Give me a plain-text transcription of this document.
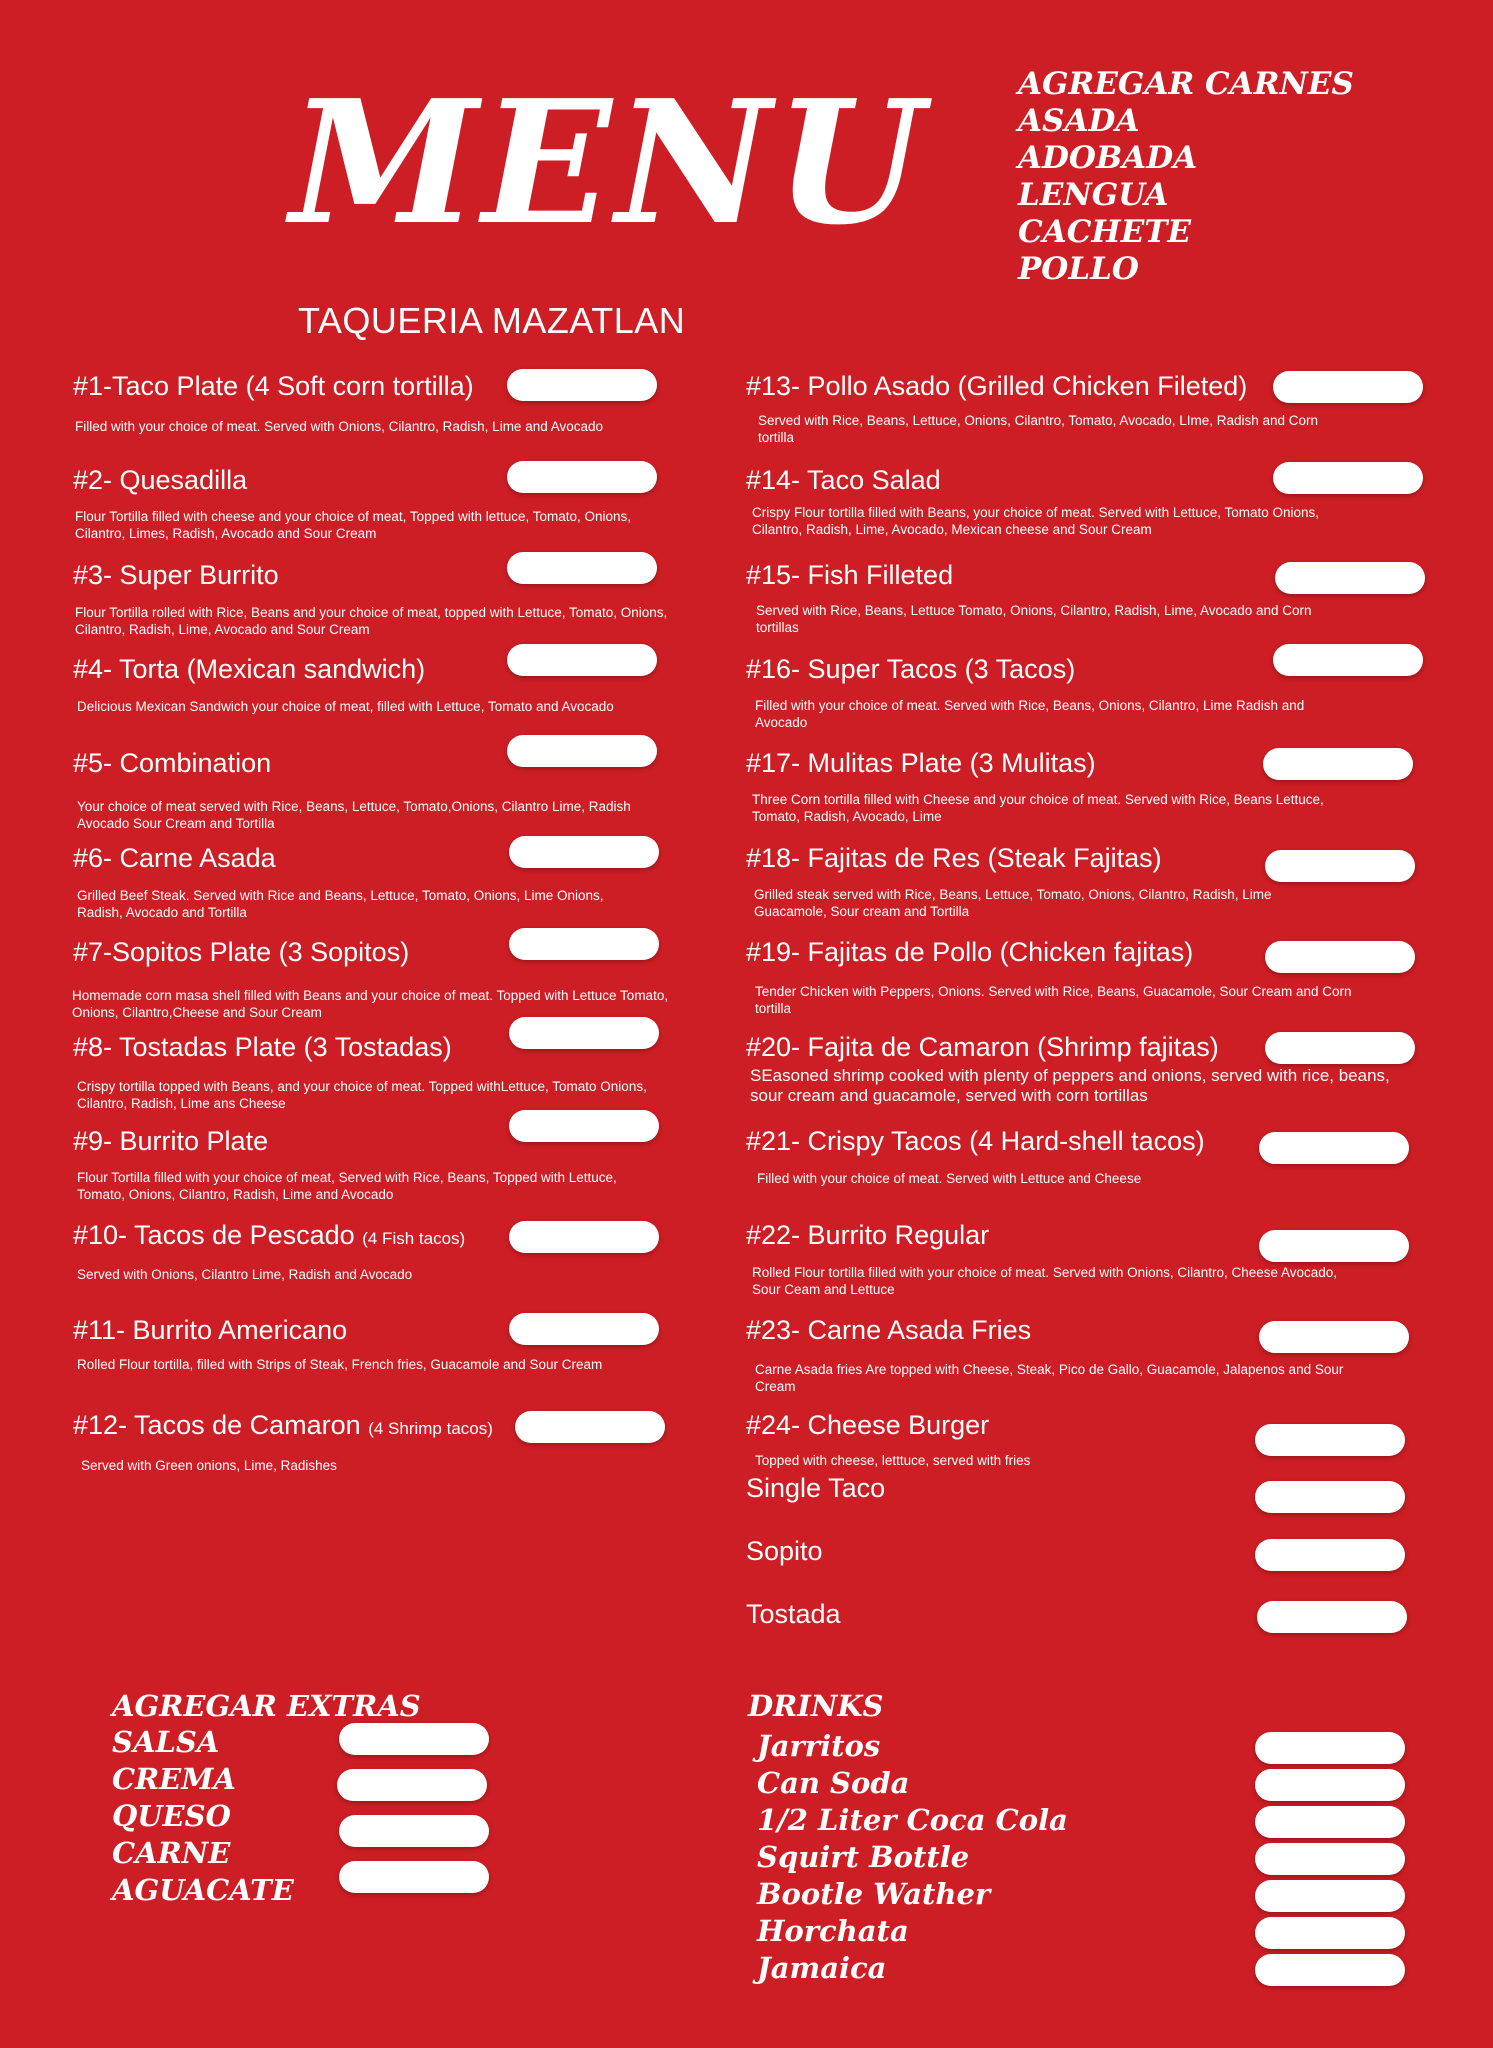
MENU
TAQUERIA MAZATLAN
AGREGAR CARNES
ASADA
ADOBADA
LENGUA
CACHETE
POLLO
#1-Taco Plate (4 Soft corn tortilla)
Filled with your choice of meat. Served with Onions, Cilantro, Radish, Lime and Avocado
#2- Quesadilla
Flour Tortilla filled with cheese and your choice of meat, Topped with lettuce, Tomato, Onions, Cilantro, Limes, Radish, Avocado and Sour Cream
#3- Super Burrito
Flour Tortilla rolled with Rice, Beans and your choice of meat, topped with Lettuce, Tomato, Onions, Cilantro, Radish, Lime, Avocado and Sour Cream
#4- Torta (Mexican sandwich)
Delicious Mexican Sandwich your choice of meat, filled with Lettuce, Tomato and Avocado
#5- Combination
Your choice of meat served with Rice, Beans, Lettuce, Tomato,Onions, Cilantro Lime, Radish Avocado Sour Cream and Tortilla
#6- Carne Asada
Grilled Beef Steak. Served with Rice and Beans, Lettuce, Tomato, Onions, Lime Onions, Radish, Avocado and Tortilla
#7-Sopitos Plate (3 Sopitos)
Homemade corn masa shell filled with Beans and your choice of meat. Topped with Lettuce Tomato, Onions, Cilantro,Cheese and Sour Cream
#8- Tostadas Plate (3 Tostadas)
Crispy tortilla topped with Beans, and your choice of meat. Topped withLettuce, Tomato Onions, Cilantro, Radish, Lime ans Cheese
#9- Burrito Plate
Flour Tortilla filled with your choice of meat, Served with Rice, Beans, Topped with Lettuce, Tomato, Onions, Cilantro, Radish, Lime and Avocado
#10- Tacos de Pescado (4 Fish tacos)
Served with Onions, Cilantro Lime, Radish and Avocado
#11- Burrito Americano
Rolled Flour tortilla, filled with Strips of Steak, French fries, Guacamole and Sour Cream
#12- Tacos de Camaron (4 Shrimp tacos)
Served with Green onions, Lime, Radishes
#13- Pollo Asado (Grilled Chicken Fileted)
Served with Rice, Beans, Lettuce, Onions, Cilantro, Tomato, Avocado, LIme, Radish and Corn tortilla
#14- Taco Salad
Crispy Flour tortilla filled with Beans, your choice of meat. Served with Lettuce, Tomato Onions, Cilantro, Radish, Lime, Avocado, Mexican cheese and Sour Cream
#15- Fish Filleted
Served with Rice, Beans, Lettuce Tomato, Onions, Cilantro, Radish, Lime, Avocado and Corn tortillas
#16- Super Tacos (3 Tacos)
Filled with your choice of meat. Served with Rice, Beans, Onions, Cilantro, Lime Radish and Avocado
#17- Mulitas Plate (3 Mulitas)
Three Corn tortilla filled with Cheese and your choice of meat. Served with Rice, Beans Lettuce, Tomato, Radish, Avocado, Lime
#18- Fajitas de Res (Steak Fajitas)
Grilled steak served with Rice, Beans, Lettuce, Tomato, Onions, Cilantro, Radish, Lime Guacamole, Sour cream and Tortilla
#19- Fajitas de Pollo (Chicken fajitas)
Tender Chicken with Peppers, Onions. Served with Rice, Beans, Guacamole, Sour Cream and Corn tortilla
#20- Fajita de Camaron (Shrimp fajitas)
SEasoned shrimp cooked with plenty of peppers and onions, served with rice, beans, sour cream and guacamole, served with corn tortillas
#21- Crispy Tacos (4 Hard-shell tacos)
Filled with your choice of meat. Served with Lettuce and Cheese
#22- Burrito Regular
Rolled Flour tortilla filled with your choice of meat. Served with Onions, Cilantro, Cheese Avocado, Sour Ceam and Lettuce
#23- Carne Asada Fries
Carne Asada fries Are topped with Cheese, Steak, Pico de Gallo, Guacamole, Jalapenos and Sour Cream
#24- Cheese Burger
Topped with cheese, letttuce, served with fries
Single Taco
Sopito
Tostada
AGREGAR EXTRAS
SALSA
CREMA
QUESO
CARNE
AGUACATE
DRINKS
Jarritos
Can Soda
1/2 Liter Coca Cola
Squirt Bottle
Bootle Wather
Horchata
Jamaica
